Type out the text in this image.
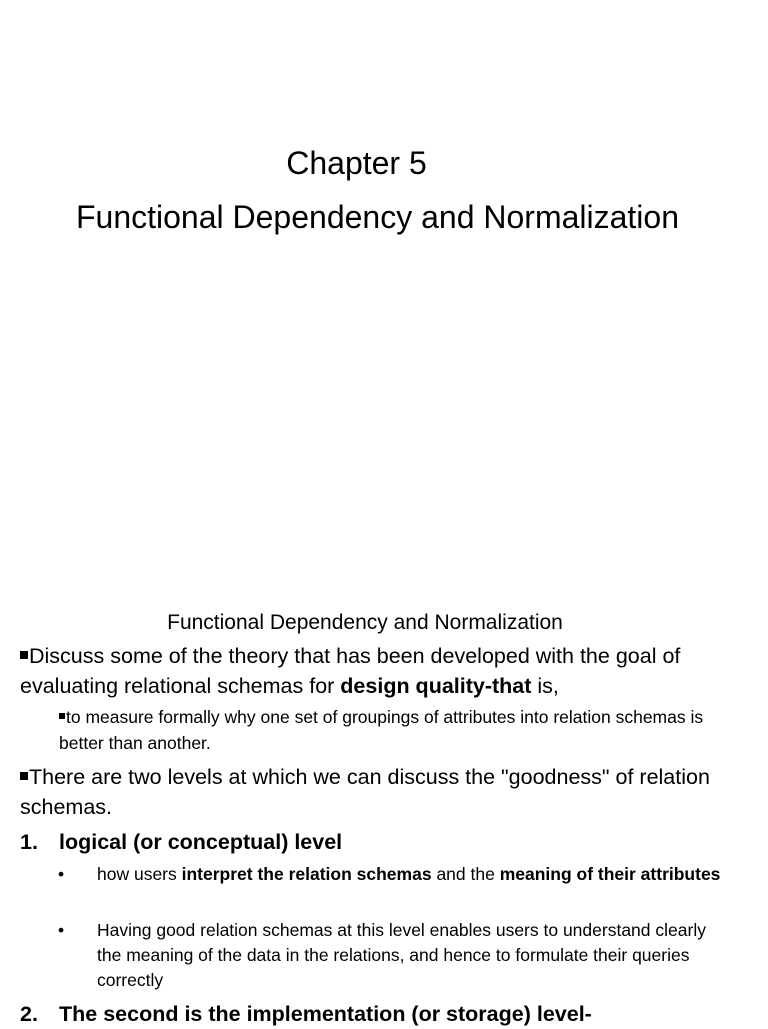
Chapter 5
Functional Dependency and Normalization
Functional Dependency and Normalization
Discuss some of the theory that has been developed with the goal of evaluating relational schemas for design quality-that is,
to measure formally why one set of groupings of attributes into relation schemas is better than another.
There are two levels at which we can discuss the "goodness" of relation schemas.
1. logical (or conceptual) level
•	how users interpret the relation schemas and the meaning of their attributes
•	Having good relation schemas at this level enables users to understand clearly the meaning of the data in the relations, and hence to formulate their queries correctly
2. The second is the implementation (or storage) level-
